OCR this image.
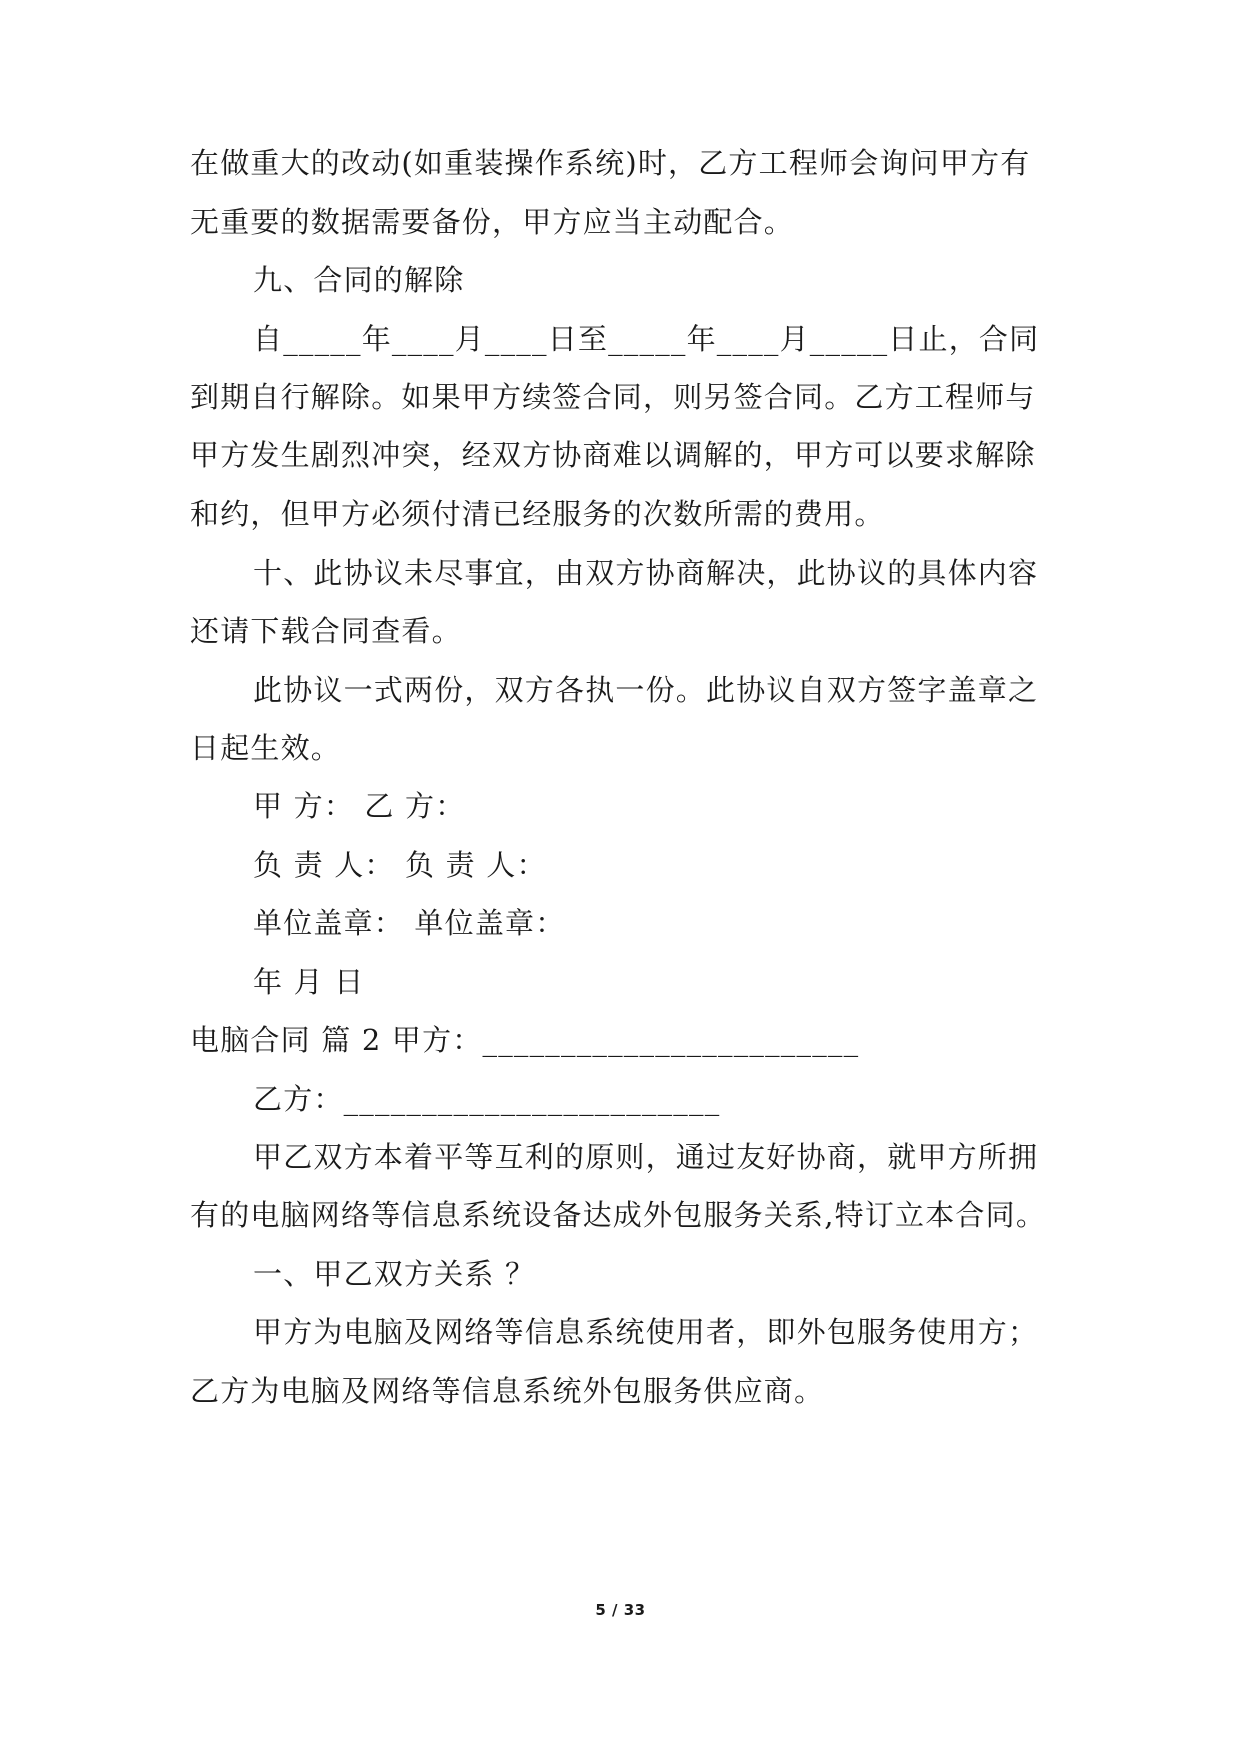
在做重大的改动(如重装操作系统)时，乙方工程师会询问甲方有
无重要的数据需要备份，甲方应当主动配合。
九、合同的解除
自_____年____月____日至_____年____月_____日止，合同
到期自行解除。如果甲方续签合同，则另签合同。乙方工程师与
甲方发生剧烈冲突，经双方协商难以调解的，甲方可以要求解除
和约，但甲方必须付清已经服务的次数所需的费用。
十、此协议未尽事宜，由双方协商解决，此协议的具体内容
还请下载合同查看。
此协议一式两份，双方各执一份。此协议自双方签字盖章之
日起生效。
甲 方： 乙 方：
负 责 人： 负 责 人：
单位盖章： 单位盖章：
年 月 日
电脑合同 篇 2 甲方：________________________
乙方：________________________
甲乙双方本着平等互利的原则，通过友好协商，就甲方所拥
有的电脑网络等信息系统设备达成外包服务关系,特订立本合同。
一、甲乙双方关系 ？
甲方为电脑及网络等信息系统使用者，即外包服务使用方；
乙方为电脑及网络等信息系统外包服务供应商。
5 / 33
